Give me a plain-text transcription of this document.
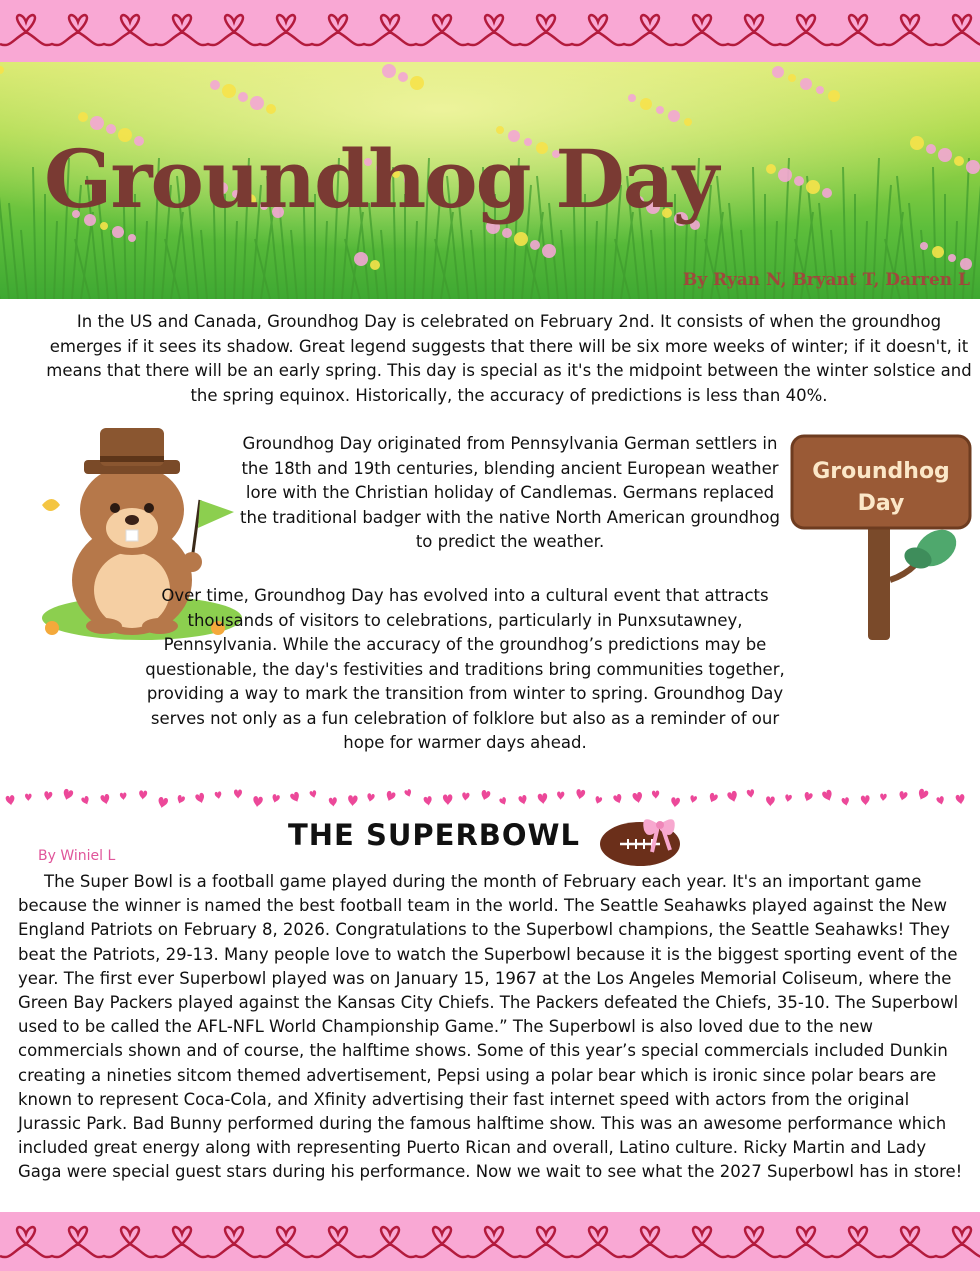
Groundhog Day
By Ryan N, Bryant T, Darren L

In the US and Canada, Groundhog Day is celebrated on February 2nd. It consists of when the groundhog emerges if it sees its shadow. Great legend suggests that there will be six more weeks of winter; if it doesn't, it means that there will be an early spring. This day is special as it's the midpoint between the winter solstice and the spring equinox. Historically, the accuracy of predictions is less than 40%.

Groundhog Day originated from Pennsylvania German settlers in the 18th and 19th centuries, blending ancient European weather lore with the Christian holiday of Candlemas. Germans replaced the traditional badger with the native North American groundhog to predict the weather.

Groundhog
Day

Over time, Groundhog Day has evolved into a cultural event that attracts thousands of visitors to celebrations, particularly in Punxsutawney, Pennsylvania. While the accuracy of the groundhog’s predictions may be questionable, the day's festivities and traditions bring communities together, providing a way to mark the transition from winter to spring. Groundhog Day serves not only as a fun celebration of folklore but also as a reminder of our hope for warmer days ahead.

THE SUPERBOWL
By Winiel L

The Super Bowl is a football game played during the month of February each year. It's an important game because the winner is named the best football team in the world. The Seattle Seahawks played against the New England Patriots on February 8, 2026. Congratulations to the Superbowl champions, the Seattle Seahawks! They beat the Patriots, 29-13. Many people love to watch the Superbowl because it is the biggest sporting event of the year. The first ever Superbowl played was on January 15, 1967 at the Los Angeles Memorial Coliseum, where the Green Bay Packers played against the Kansas City Chiefs. The Packers defeated the Chiefs, 35-10. The Superbowl used to be called the AFL-NFL World Championship Game.” The Superbowl is also loved due to the new commercials shown and of course, the halftime shows. Some of this year’s special commercials included Dunkin creating a nineties sitcom themed advertisement, Pepsi using a polar bear which is ironic since polar bears are known to represent Coca-Cola, and Xfinity advertising their fast internet speed with actors from the original Jurassic Park. Bad Bunny performed during the famous halftime show. This was an awesome performance which included great energy along with representing Puerto Rican and overall, Latino culture. Ricky Martin and Lady Gaga were special guest stars during his performance. Now we wait to see what the 2027 Superbowl has in store!
